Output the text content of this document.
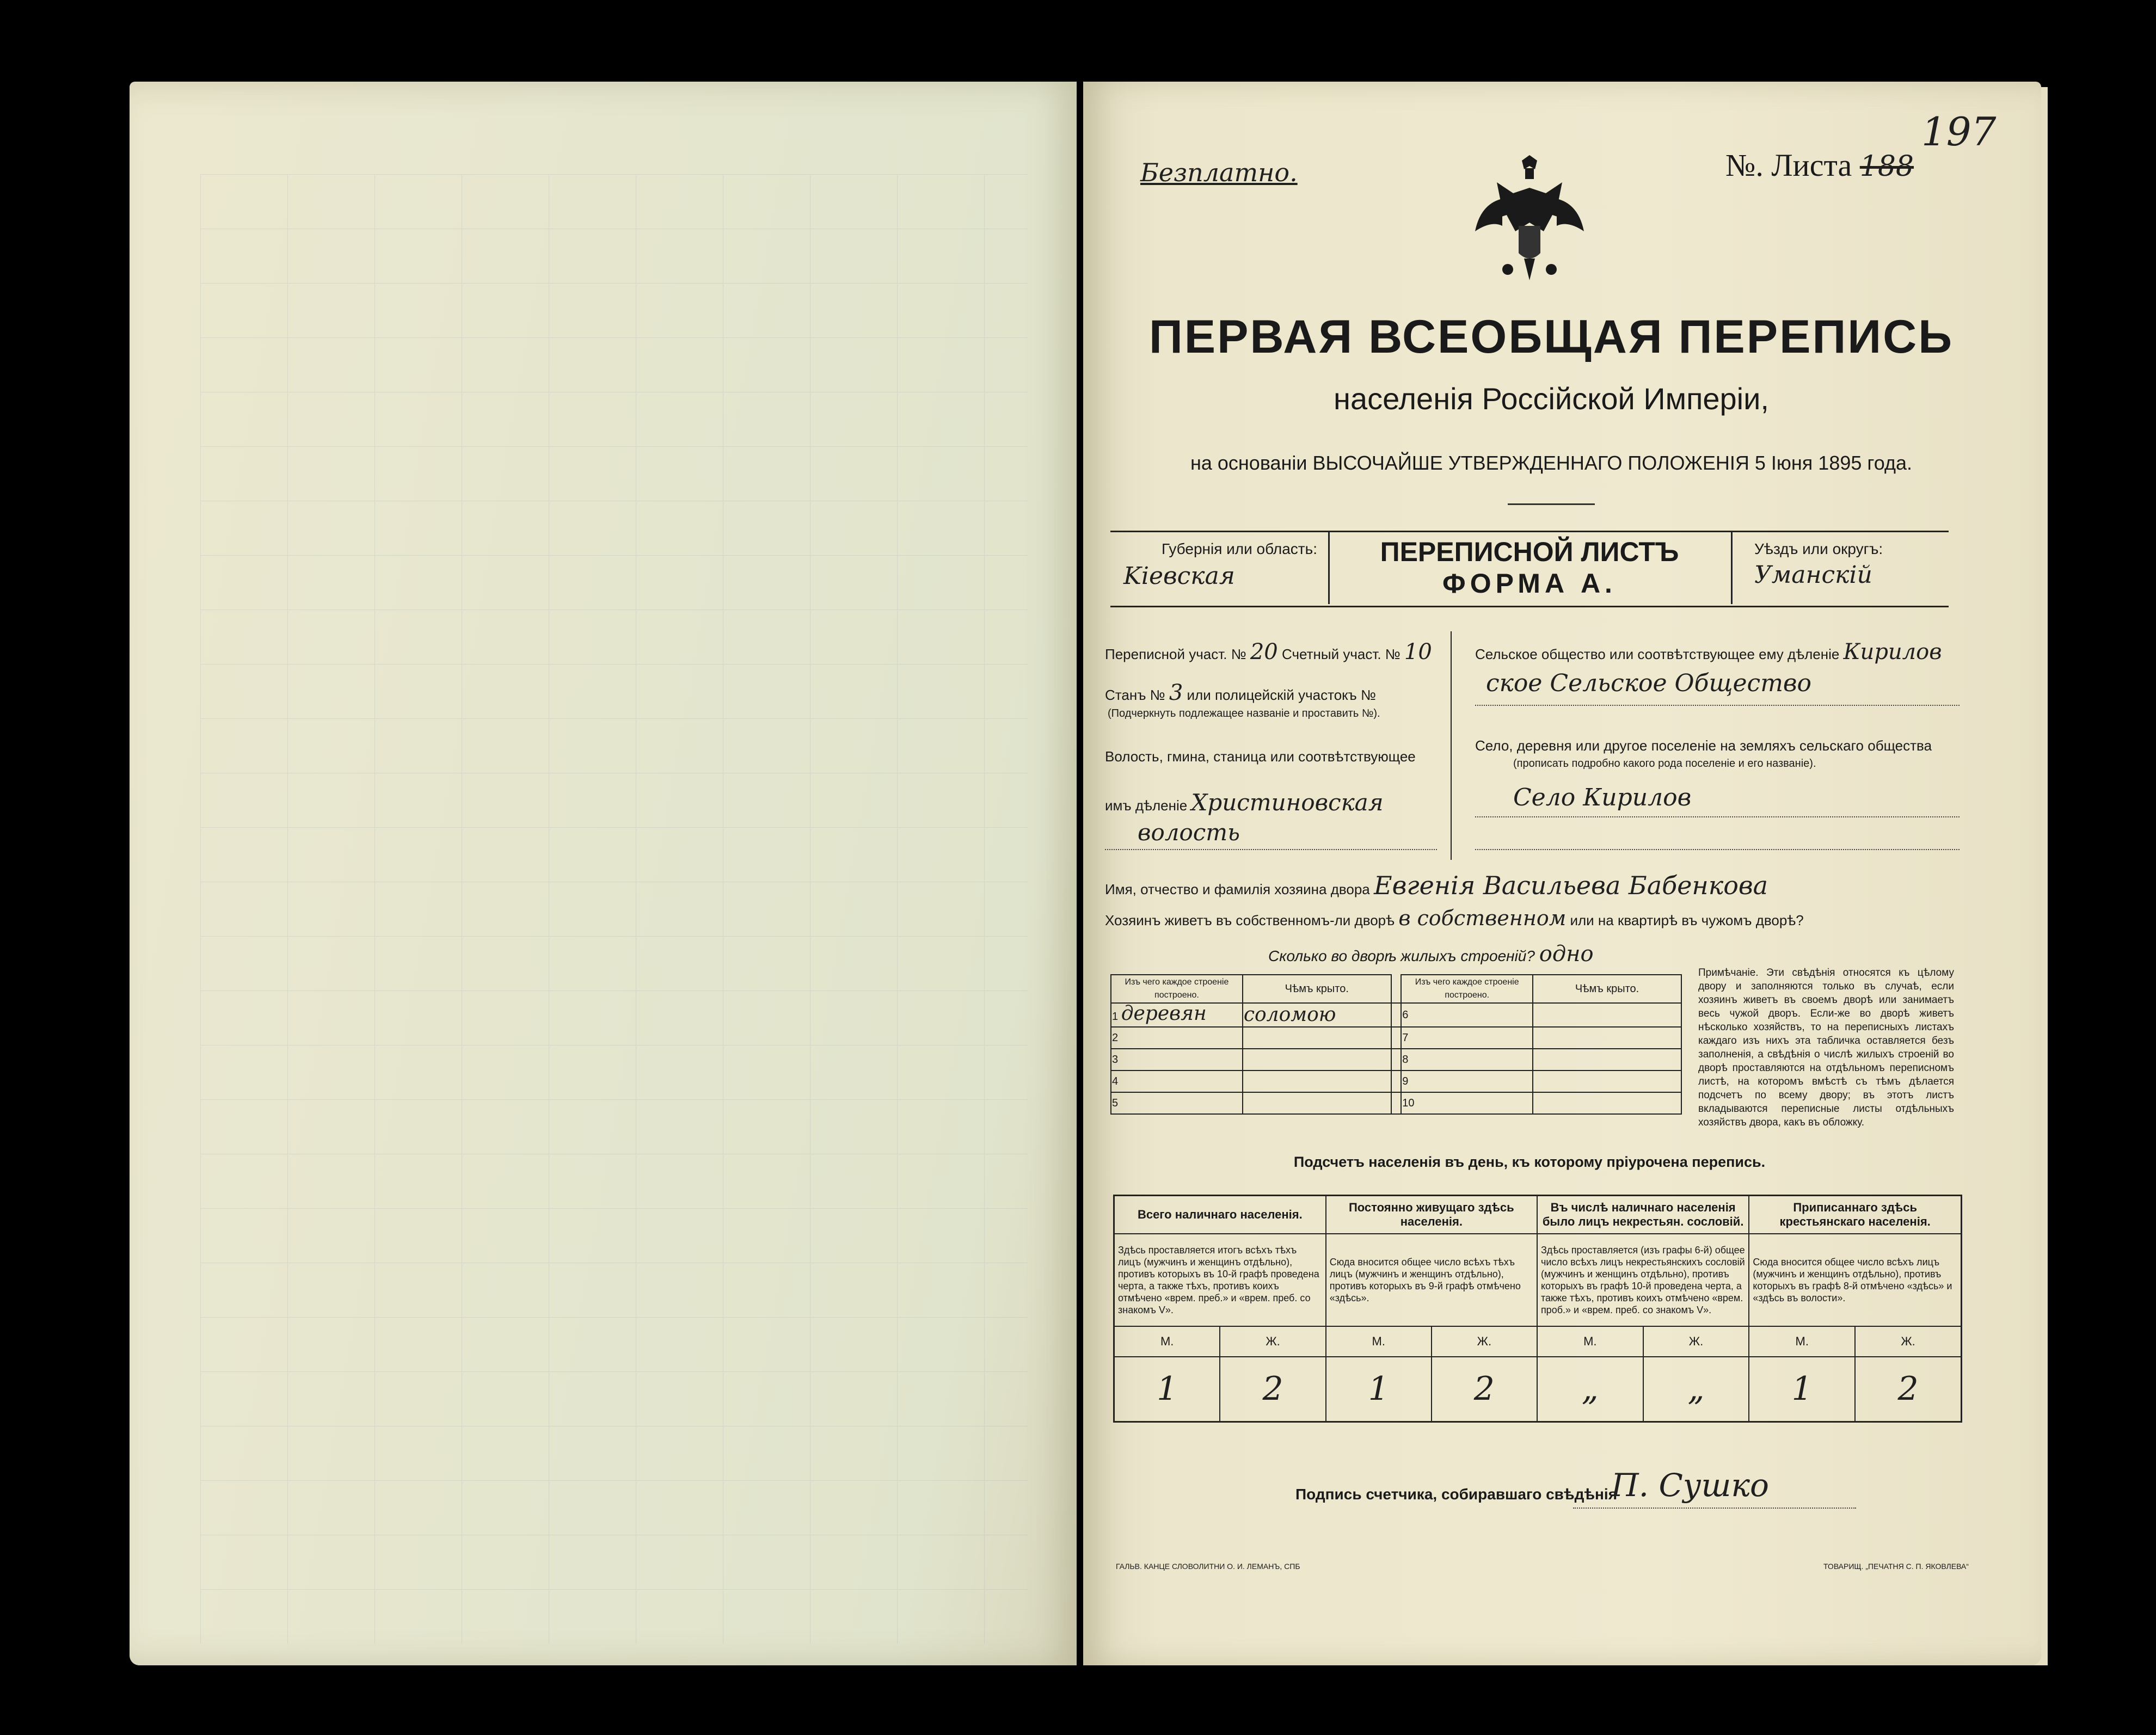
Безплатно.	№. Листа 188
197
ПЕРВАЯ ВСЕОБЩАЯ ПЕРЕПИСЬ
населенія Россійской Имперіи,
на основаніи ВЫСОЧАЙШЕ УТВЕРЖДЕННАГО ПОЛОЖЕНІЯ 5 Іюня 1895 года.
Губернія или область:
Kieвская
ПЕРЕПИСНОЙ ЛИСТЪ
ФОРМА А.
Уѣздъ или округъ:
Уманскій
Переписной участ. № 20 Счетный участ. № 10
Станъ № 3 или полицейскій участокъ №
(Подчеркнуть подлежащее названіе и проставить №).
Волость, гмина, станица или соотвѣтствующее
имъ дѣленіе Христиновская
волость
Сельское общество или соотвѣтствующее ему дѣленіе Кирилов
ское Сельское Общество
Село, деревня или другое поселеніе на земляхъ сельскаго общества
(прописать подробно какого рода поселеніе и его названіе).
Село Кирилов
Имя, отчество и фамилія хозяина двора Евгенія Васильева Бабенкова
Хозяинъ живетъ въ собственномъ-ли дворѣ в собственном или на квартирѣ въ чужомъ дворѣ?
Сколько во дворѣ жилыхъ строеній? одно
Изъ чего каждое строеніе построено.	Чѣмъ крыто.		Изъ чего каждое строеніе построено.	Чѣмъ крыто.
1 деревян	соломою		6	
2			7	
3			8	
4			9	
5			10	
Примѣчаніе. Эти свѣдѣнія относятся къ цѣлому двору и заполняются только въ случаѣ, если хозяинъ живетъ въ своемъ дворѣ или занимаетъ весь чужой дворъ. Если-же во дворѣ живетъ нѣсколько хозяйствъ, то на переписныхъ листахъ каждаго изъ нихъ эта табличка оставляется безъ заполненія, а свѣдѣнія о числѣ жилыхъ строеній во дворѣ проставляются на отдѣльномъ переписномъ листѣ, на которомъ вмѣстѣ съ тѣмъ дѣлается подсчетъ по всему двору; въ этотъ листъ вкладываются переписные листы отдѣльныхъ хозяйствъ двора, какъ въ обложку.
Подсчетъ населенія въ день, къ которому пріурочена перепись.
Всего наличнаго населенія.		Постоянно живущаго здѣсь населенія.		Въ числѣ наличнаго населенія было лицъ некрестьян. сословій.		Приписаннаго здѣсь крестьянскаго населенія.	
Здѣсь проставляется итогъ всѣхъ тѣхъ лицъ (мужчинъ и женщинъ отдѣльно), противъ которыхъ въ 10-й графѣ проведена черта, а также тѣхъ, противъ коихъ отмѣчено «врем. преб.» и «врем. преб. со знакомъ V».		Сюда вносится общее число всѣхъ тѣхъ лицъ (мужчинъ и женщинъ отдѣльно), противъ которыхъ въ 9-й графѣ отмѣчено «здѣсь».		Здѣсь проставляется (изъ графы 6-й) общее число всѣхъ лицъ некрестьянскихъ сословій (мужчинъ и женщинъ отдѣльно), противъ которыхъ въ графѣ 10-й проведена черта, а также тѣхъ, противъ коихъ отмѣчено «врем. проб.» и «врем. преб. со знакомъ V».		Сюда вносится общее число всѣхъ лицъ (мужчинъ и женщинъ отдѣльно), противъ которыхъ въ графѣ 8-й отмѣчено «здѣсь» и «здѣсь въ волости».	
М.	Ж.	М.	Ж.	М.	Ж.	М.	Ж.
1	2	1	2	„	„	1	2
Подпись счетчика, собиравшаго свѣдѣнія
П. Сушко
ГАЛЬВ. КАНЦЕ СЛОВОЛИТНИ О. И. ЛЕМАНЪ, СПБ	ТОВАРИЩ. „ПЕЧАТНЯ С. П. ЯКОВЛЕВА“
